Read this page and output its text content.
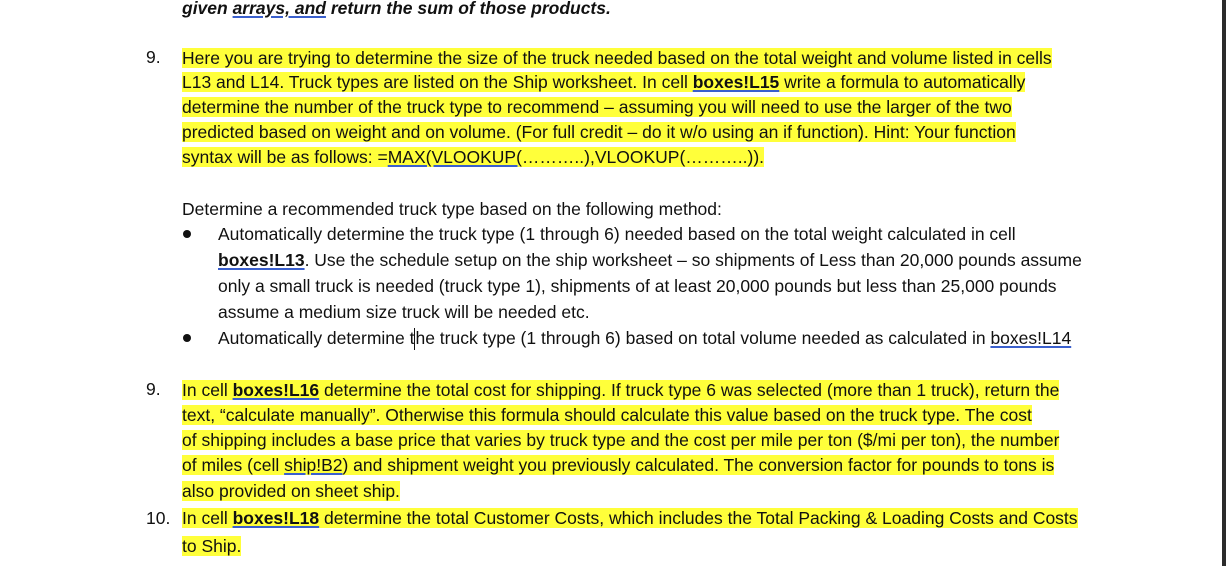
given arrays, and return the sum of those products.
9. Here you are trying to determine the size of the truck needed based on the total weight and volume listed in cells
L13 and L14. Truck types are listed on the Ship worksheet. In cell boxes!L15 write a formula to automatically
determine the number of the truck type to recommend – assuming you will need to use the larger of the two
predicted based on weight and on volume. (For full credit – do it w/o using an if function). Hint: Your function
syntax will be as follows: =MAX(VLOOKUP(………..),VLOOKUP(………..)).
Determine a recommended truck type based on the following method:
Automatically determine the truck type (1 through 6) needed based on the total weight calculated in cell
boxes!L13. Use the schedule setup on the ship worksheet – so shipments of Less than 20,000 pounds assume
only a small truck is needed (truck type 1), shipments of at least 20,000 pounds but less than 25,000 pounds
assume a medium size truck will be needed etc.
Automatically determine the truck type (1 through 6) based on total volume needed as calculated in boxes!L14
9. In cell boxes!L16 determine the total cost for shipping. If truck type 6 was selected (more than 1 truck), return the
text, “calculate manually”. Otherwise this formula should calculate this value based on the truck type. The cost
of shipping includes a base price that varies by truck type and the cost per mile per ton ($/mi per ton), the number
of miles (cell ship!B2) and shipment weight you previously calculated. The conversion factor for pounds to tons is
also provided on sheet ship.
10. In cell boxes!L18 determine the total Customer Costs, which includes the Total Packing & Loading Costs and Costs
to Ship.
